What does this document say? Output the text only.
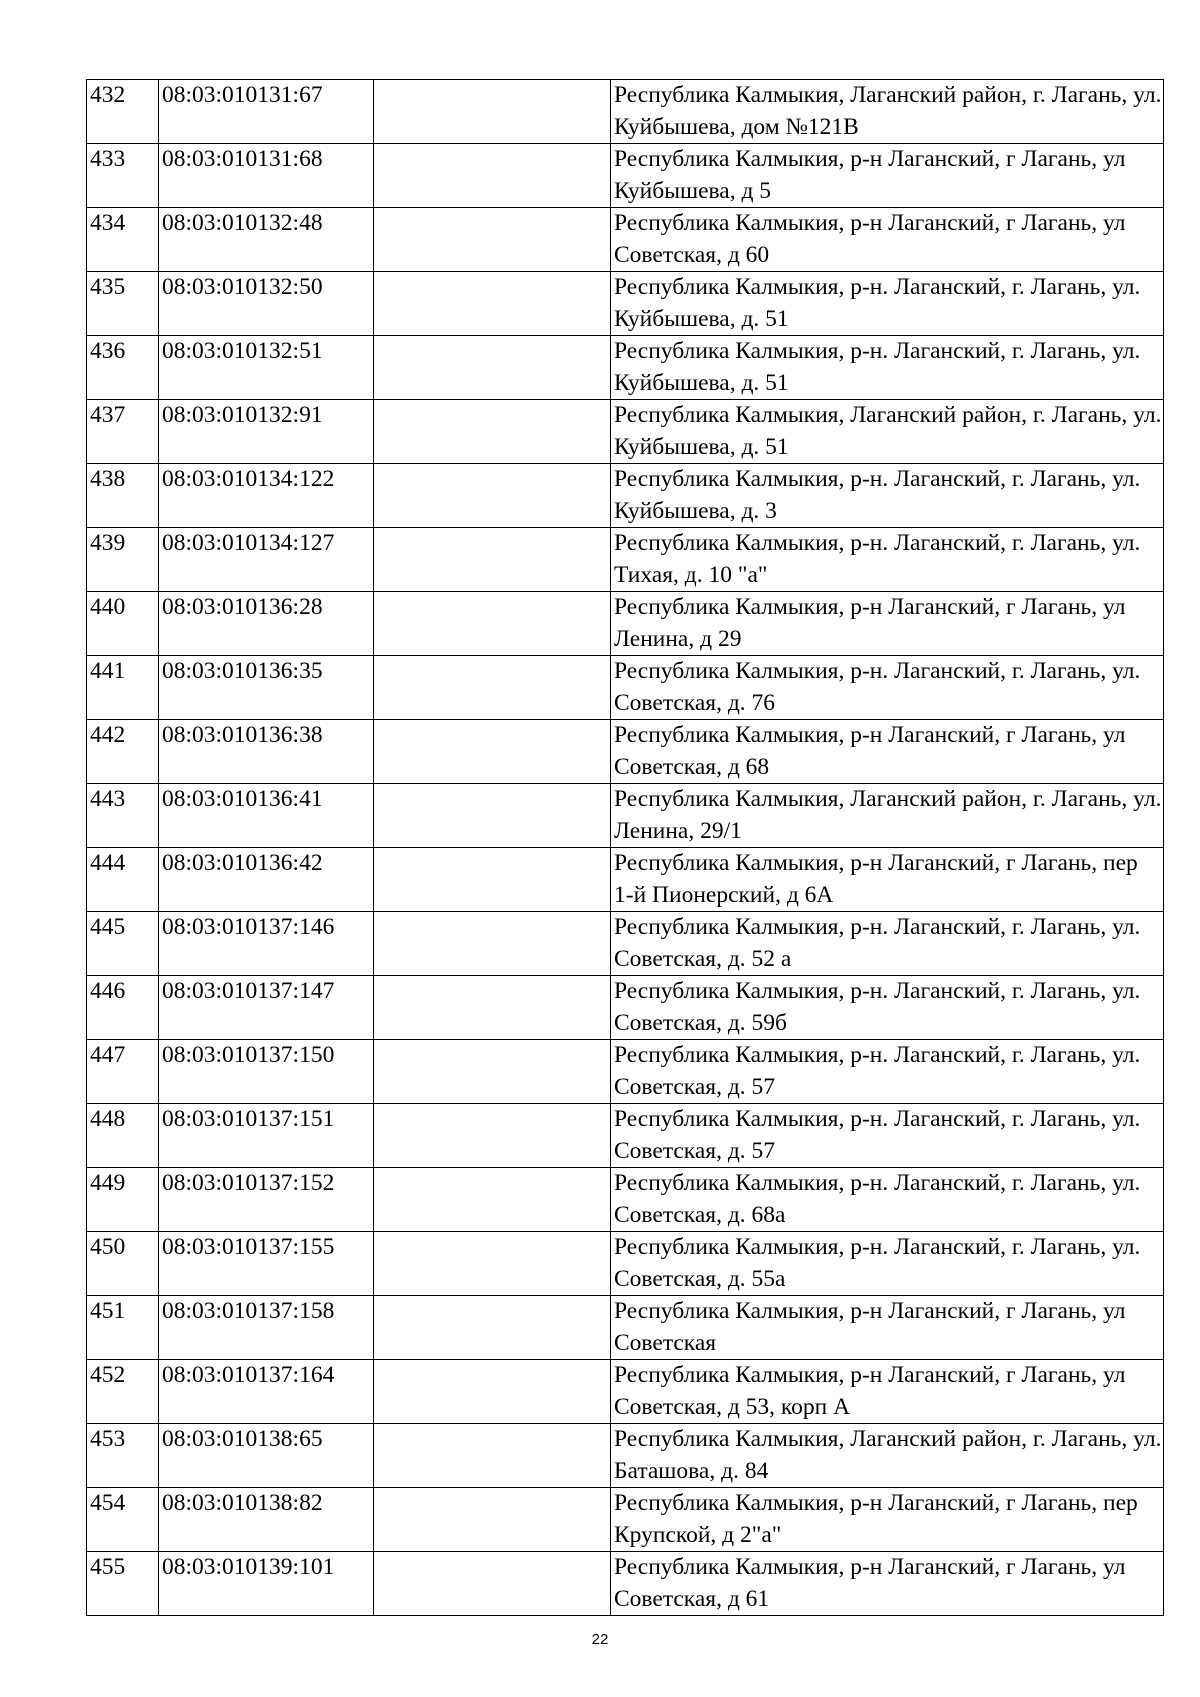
432	08:03:010131:67		Республика Калмыкия, Лаганский район, г. Лагань, ул. Куйбышева, дом №121В
433	08:03:010131:68		Республика Калмыкия, р-н Лаганский, г Лагань, ул Куйбышева, д 5
434	08:03:010132:48		Республика Калмыкия, р-н Лаганский, г Лагань, ул Советская, д 60
435	08:03:010132:50		Республика Калмыкия, р-н. Лаганский, г. Лагань, ул. Куйбышева, д. 51
436	08:03:010132:51		Республика Калмыкия, р-н. Лаганский, г. Лагань, ул. Куйбышева, д. 51
437	08:03:010132:91		Республика Калмыкия, Лаганский район, г. Лагань, ул. Куйбышева, д. 51
438	08:03:010134:122		Республика Калмыкия, р-н. Лаганский, г. Лагань, ул. Куйбышева, д. 3
439	08:03:010134:127		Республика Калмыкия, р-н. Лаганский, г. Лагань, ул. Тихая, д. 10 "а"
440	08:03:010136:28		Республика Калмыкия, р-н Лаганский, г Лагань, ул Ленина, д 29
441	08:03:010136:35		Республика Калмыкия, р-н. Лаганский, г. Лагань, ул. Советская, д. 76
442	08:03:010136:38		Республика Калмыкия, р-н Лаганский, г Лагань, ул Советская, д 68
443	08:03:010136:41		Республика Калмыкия, Лаганский район, г. Лагань, ул. Ленина, 29/1
444	08:03:010136:42		Республика Калмыкия, р-н Лаганский, г Лагань, пер 1-й Пионерский, д 6А
445	08:03:010137:146		Республика Калмыкия, р-н. Лаганский, г. Лагань, ул. Советская, д. 52 а
446	08:03:010137:147		Республика Калмыкия, р-н. Лаганский, г. Лагань, ул. Советская, д. 59б
447	08:03:010137:150		Республика Калмыкия, р-н. Лаганский, г. Лагань, ул. Советская, д. 57
448	08:03:010137:151		Республика Калмыкия, р-н. Лаганский, г. Лагань, ул. Советская, д. 57
449	08:03:010137:152		Республика Калмыкия, р-н. Лаганский, г. Лагань, ул. Советская, д. 68а
450	08:03:010137:155		Республика Калмыкия, р-н. Лаганский, г. Лагань, ул. Советская, д. 55а
451	08:03:010137:158		Республика Калмыкия, р-н Лаганский, г Лагань, ул Советская
452	08:03:010137:164		Республика Калмыкия, р-н Лаганский, г Лагань, ул Советская, д 53, корп А
453	08:03:010138:65		Республика Калмыкия, Лаганский район, г. Лагань, ул. Баташова, д. 84
454	08:03:010138:82		Республика Калмыкия, р-н Лаганский, г Лагань, пер Крупской, д 2"а"
455	08:03:010139:101		Республика Калмыкия, р-н Лаганский, г Лагань, ул Советская, д 61
22
